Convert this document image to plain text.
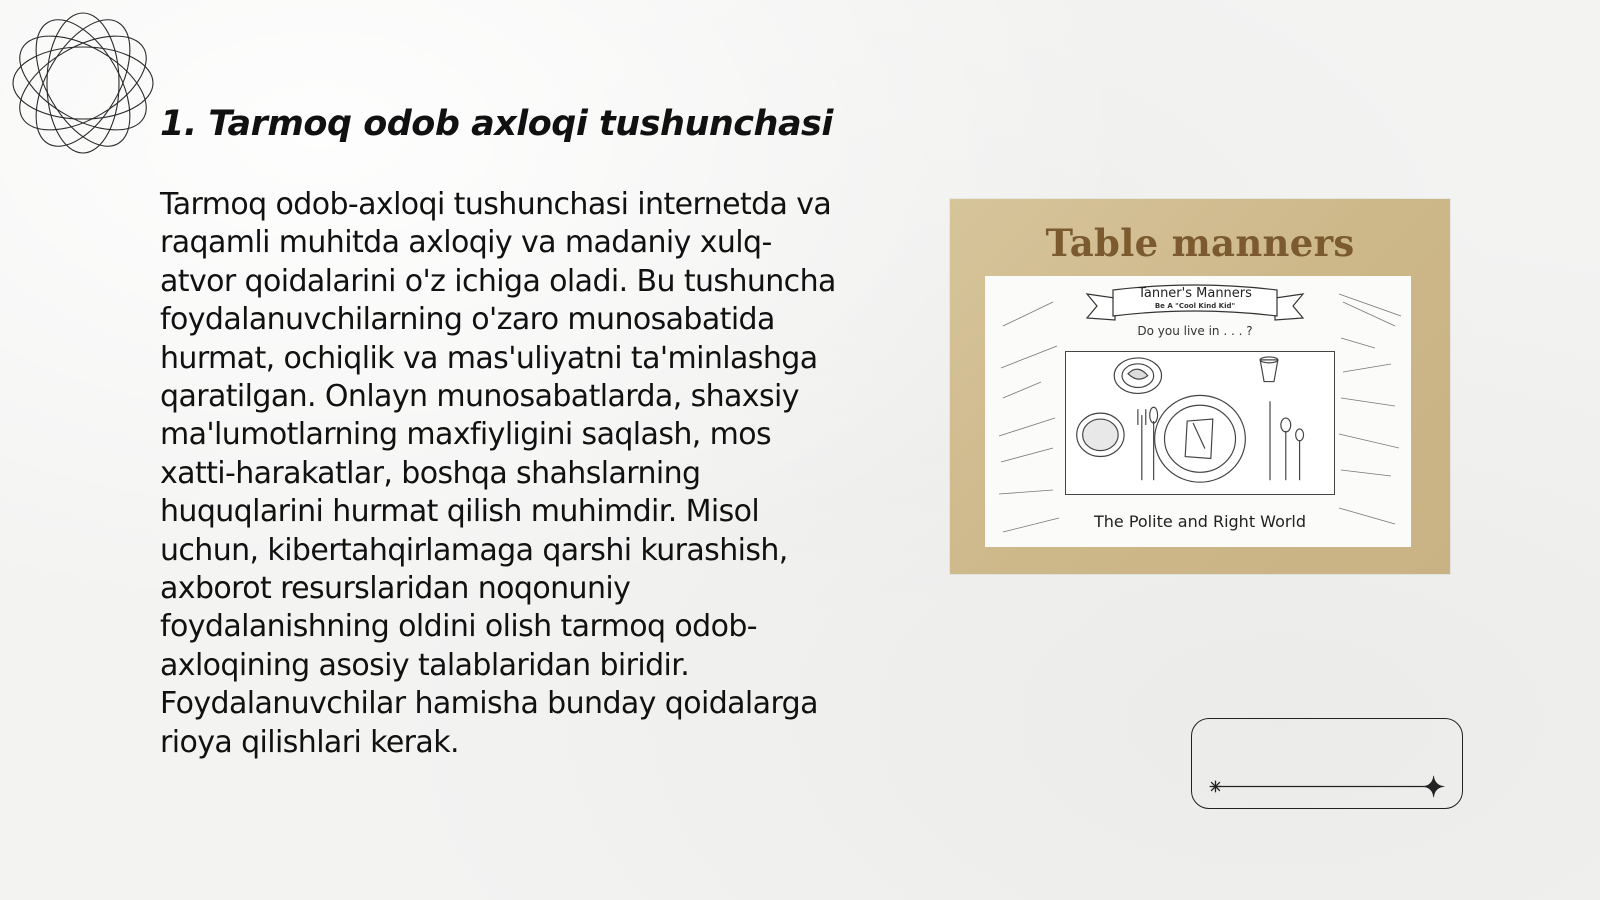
1. Tarmoq odob axloqi tushunchasi

Tarmoq odob-axloqi tushunchasi internetda va raqamli muhitda axloqiy va madaniy xulq-atvor qoidalarini o'z ichiga oladi. Bu tushuncha foydalanuvchilarning o'zaro munosabatida hurmat, ochiqlik va mas'uliyatni ta'minlashga qaratilgan. Onlayn munosabatlarda, shaxsiy ma'lumotlarning maxfiyligini saqlash, mos xatti-harakatlar, boshqa shahslarning huquqlarini hurmat qilish muhimdir. Misol uchun, kibertahqirlamaga qarshi kurashish, axborot resurslaridan noqonuniy foydalanishning oldini olish tarmoq odob-axloqining asosiy talablaridan biridir. Foydalanuvchilar hamisha bunday qoidalarga rioya qilishlari kerak.

Table manners
Tanner's Manners
Be A "Cool Kind Kid"
Do you live in . . . ?
The Polite and Right World
